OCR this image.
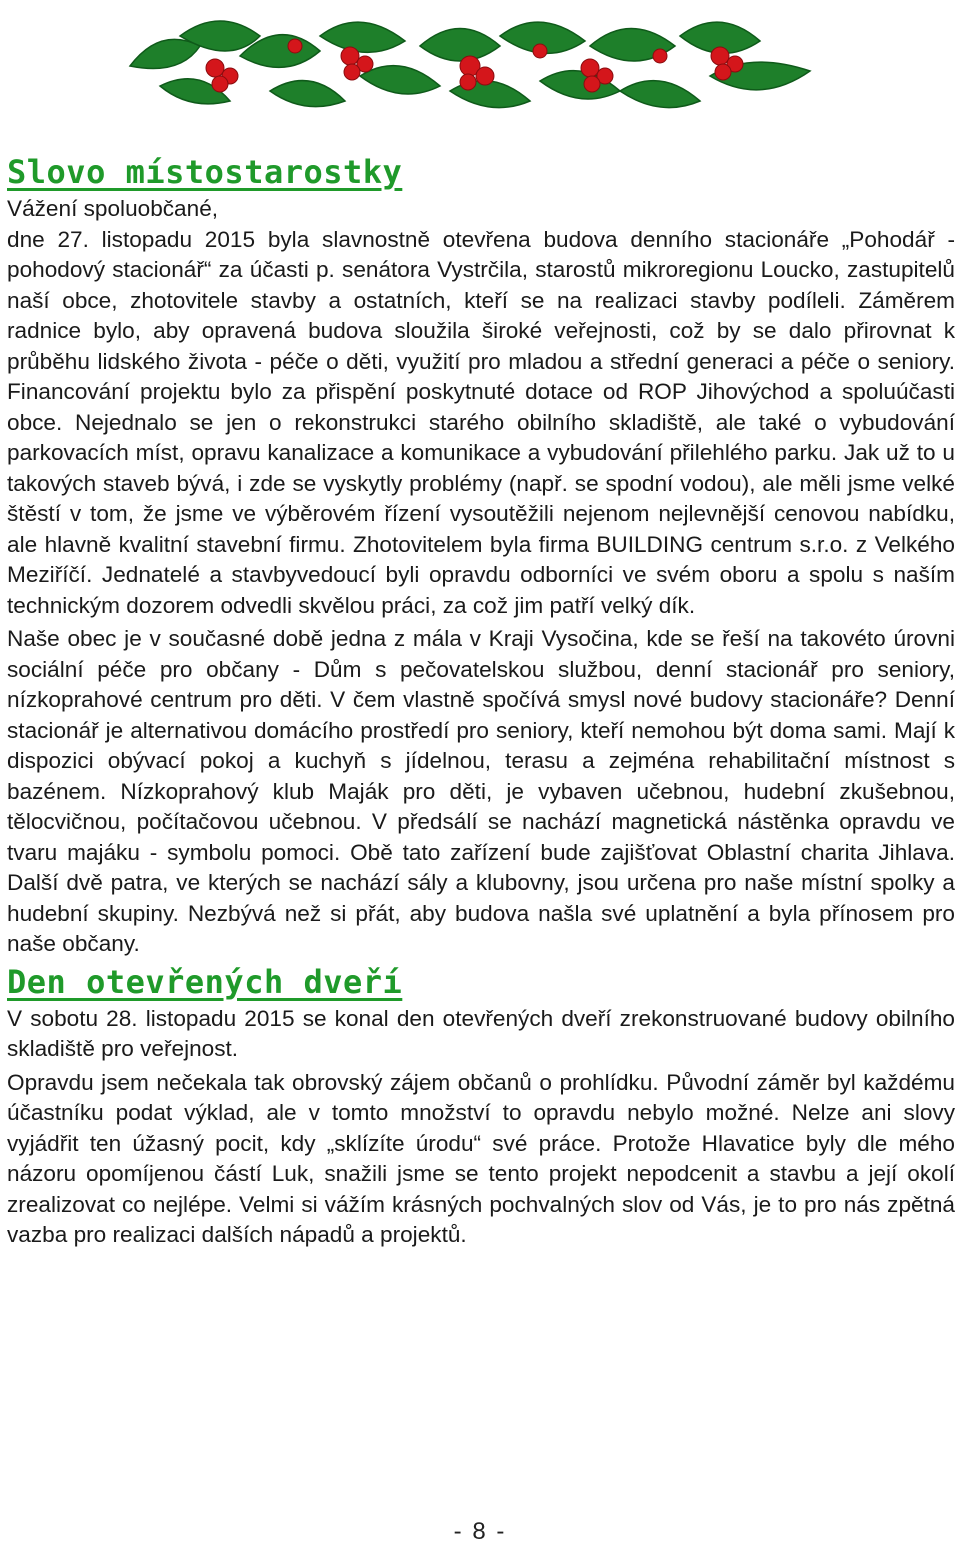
Slovo místostarostky

Vážení spoluobčané,

dne 27. listopadu 2015 byla slavnostně otevřena budova denního stacionáře „Pohodář - pohodový stacionář“ za účasti p. senátora Vystrčila, starostů mikroregionu Loucko, zastupitelů naší obce, zhotovitele stavby a ostatních, kteří se na realizaci stavby podíleli. Záměrem radnice bylo, aby opravená budova sloužila široké veřejnosti, což by se dalo přirovnat k průběhu lidského života - péče o děti, využití pro mladou a střední generaci a péče o seniory. Financování projektu bylo za přispění poskytnuté dotace od ROP Jihovýchod a spoluúčasti obce. Nejednalo se jen o rekonstrukci starého obilního skladiště, ale také o vybudování parkovacích míst, opravu kanalizace a komunikace a vybudování přilehlého parku. Jak už to u takových staveb bývá, i zde se vyskytly problémy (např. se spodní vodou), ale měli jsme velké štěstí v tom, že jsme ve výběrovém řízení vysoutěžili nejenom nejlevnější cenovou nabídku, ale hlavně kvalitní stavební firmu. Zhotovitelem byla firma BUILDING centrum s.r.o. z Velkého Meziříčí. Jednatelé a stavbyvedoucí byli opravdu odborníci ve svém oboru a spolu s naším technickým dozorem odvedli skvělou práci, za což jim patří velký dík.

Naše obec je v současné době jedna z mála v Kraji Vysočina, kde se řeší na takovéto úrovni sociální péče pro občany - Dům s pečovatelskou službou, denní stacionář pro seniory, nízkoprahové centrum pro děti. V čem vlastně spočívá smysl nové budovy stacionáře? Denní stacionář je alternativou domácího prostředí pro seniory, kteří nemohou být doma sami. Mají k dispozici obývací pokoj a kuchyň s jídelnou, terasu a zejména rehabilitační místnost s bazénem. Nízkoprahový klub Maják pro děti, je vybaven učebnou, hudební zkušebnou, tělocvičnou, počítačovou učebnou. V předsálí se nachází magnetická nástěnka opravdu ve tvaru majáku - symbolu pomoci. Obě tato zařízení bude zajišťovat Oblastní charita Jihlava. Další dvě patra, ve kterých se nachází sály a klubovny, jsou určena pro naše místní spolky a hudební skupiny. Nezbývá než si přát, aby budova našla své uplatnění a byla přínosem pro naše občany.

Den otevřených dveří

V sobotu 28. listopadu 2015 se konal den otevřených dveří zrekonstruované budovy obilního skladiště pro veřejnost.

Opravdu jsem nečekala tak obrovský zájem občanů o prohlídku. Původní záměr byl každému účastníku podat výklad, ale v tomto množství to opravdu nebylo možné. Nelze ani slovy vyjádřit ten úžasný pocit, kdy „sklízíte úrodu“ své práce. Protože Hlavatice byly dle mého názoru opomíjenou částí Luk, snažili jsme se tento projekt nepodcenit a stavbu a její okolí zrealizovat co nejlépe. Velmi si vážím krásných pochvalných slov od Vás, je to pro nás zpětná vazba pro realizaci dalších nápadů a projektů.

- 8 -
